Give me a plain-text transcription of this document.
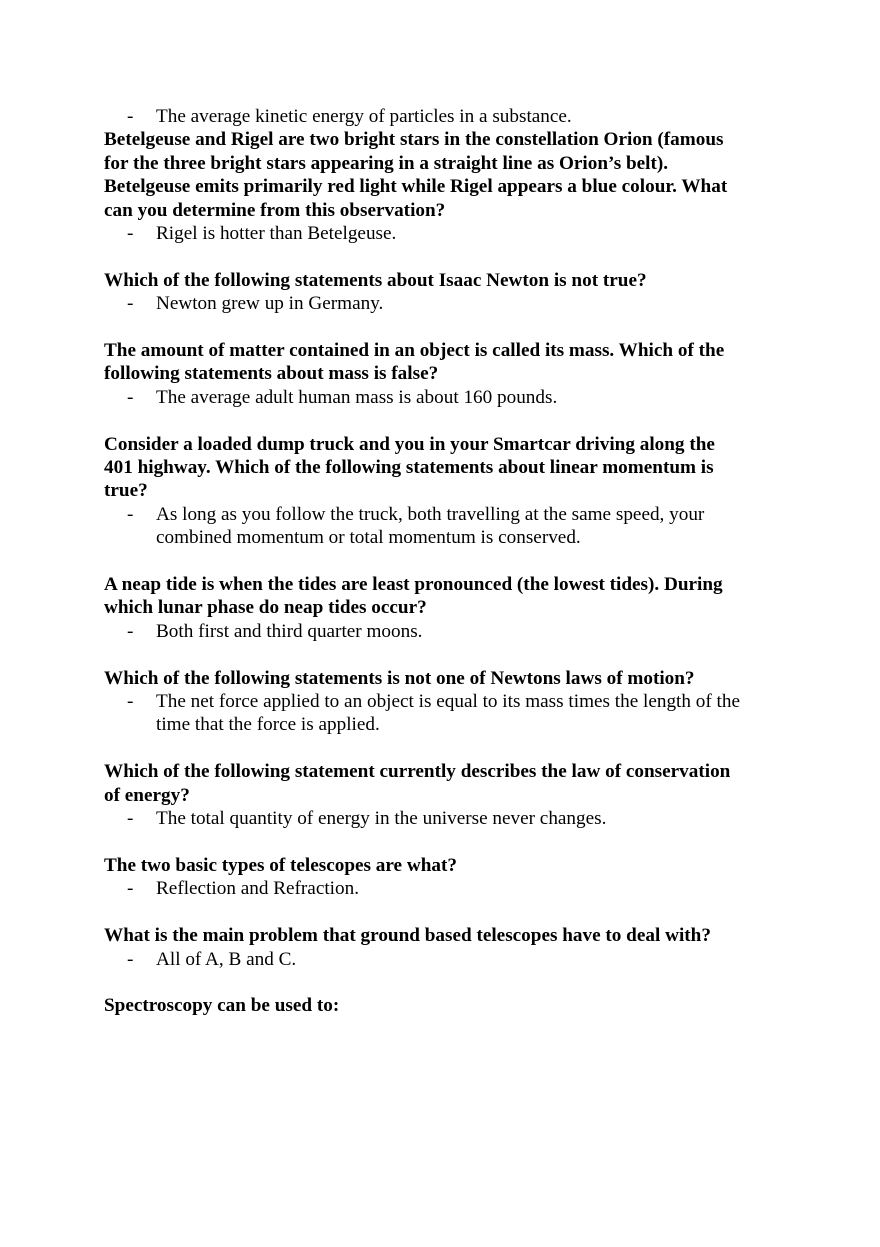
- The average kinetic energy of particles in a substance.
Betelgeuse and Rigel are two bright stars in the constellation Orion (famous
for the three bright stars appearing in a straight line as Orion’s belt).
Betelgeuse emits primarily red light while Rigel appears a blue colour. What
can you determine from this observation?
- Rigel is hotter than Betelgeuse.
Which of the following statements about Isaac Newton is not true?
- Newton grew up in Germany.
The amount of matter contained in an object is called its mass. Which of the
following statements about mass is false?
- The average adult human mass is about 160 pounds.
Consider a loaded dump truck and you in your Smartcar driving along the
401 highway. Which of the following statements about linear momentum is
true?
- As long as you follow the truck, both travelling at the same speed, your
combined momentum or total momentum is conserved.
A neap tide is when the tides are least pronounced (the lowest tides). During
which lunar phase do neap tides occur?
- Both first and third quarter moons.
Which of the following statements is not one of Newtons laws of motion?
- The net force applied to an object is equal to its mass times the length of the
time that the force is applied.
Which of the following statement currently describes the law of conservation
of energy?
- The total quantity of energy in the universe never changes.
The two basic types of telescopes are what?
- Reflection and Refraction.
What is the main problem that ground based telescopes have to deal with?
- All of A, B and C.
Spectroscopy can be used to:
